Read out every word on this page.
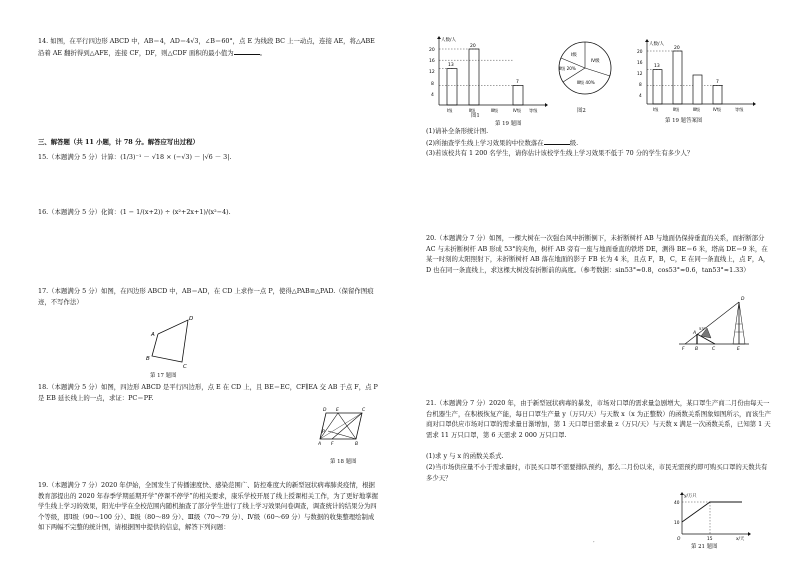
14. 如图，在平行四边形 ABCD 中，AB＝4，AD＝4√3，∠B＝60°，点 E 为线段 BC 上一动点，连接 AE，将△ABE 沿着 AE 翻折得到△AFE，连接 CF，DF，则△CDF 面积的最小值为	。
三、解答题（共 11 小题，计 78 分。解答应写出过程）
15.（本题满分 5 分）计算：(1/3)⁻¹ － √18 × (−√3) － |√6 － 3|.
16.（本题满分 5 分）化简：(1 − 1/(x+2)) ÷ (x²+2x+1)/(x²−4).
17.（本题满分 5 分）如图，在四边形 ABCD 中，AB＝AD，在 CD 上求作一点 P，使得△PAB≌△PAD.（保留作图痕迹，不写作法）
A
D
C
B
第 17 题图
18.（本题满分 5 分）如图，四边形 ABCD 是平行四边形，点 E 在 CD 上，且 BE＝EC，CF∥EA 交 AB 于点 F，点 P 是 EB 延长线上的一点，求证：PC＝PF.
D E	C
P
A F	B
第 18 题图
19.（本题满分 7 分）2020 年伊始，全国发生了传播速度快、感染范围广、防控难度大的新型冠状病毒肺炎疫情，根据教育部提出的 2020 年春季学期延期开学“停课不停学”的相关要求，康乐学校开展了线上授课相关工作，为了更好地掌握学生线上学习的效果，阳光中学在全校范围内随机抽查了部分学生进行了线上学习效果问卷调查，调查统计的结果分为四个等级，即Ⅰ级（90～100 分）、Ⅱ级（80～89 分）、Ⅲ级（70～79 分）、Ⅳ级（60～69 分）与数据的收集整理绘制成如下两幅不完整的统计图，请根据图中提供的信息，解答下列问题：
20
16
12
8
4
人数/人
13
20
7
Ⅰ级	Ⅱ级	Ⅲ级	Ⅳ级 等级
图1
Ⅰ级
Ⅱ级 20%
Ⅲ级 40%
Ⅳ级
图2
第 19 题图
人数/人
20
16
12
8
4
13
20
7
Ⅰ级	Ⅱ级	Ⅲ级	Ⅳ级	等级
第 19 题答案图
(1)请补全条形统计图.
(2)所抽查学生线上学习效果的中位数落在	级.
(3)若该校共有 1 200 名学生，请你估计该校学生线上学习效果不低于 70 分的学生有多少人？
20.（本题满分 7 分）如图，一棵大树在一次强台风中折断倒下，未折断树杆 AB 与地面仍保持垂直的关系，而折断部分 AC 与未折断树杆 AB 形成 53°的夹角，树杆 AB 旁有一座与地面垂直的铁塔 DE，测得 BE＝6 米，塔高 DE＝9 米，在某一时刻的太阳照射下，未折断树杆 AB 落在地面的影子 FB 长为 4 米，且点 F，B，C，E 在同一条直线上，点 F，A，D 也在同一条直线上，求这棵大树没有折断前的高度。（参考数据：sin53°≈0.8，cos53°≈0.6，tan53°≈1.33）
F B	C	E
A
D
53°
21.（本题满分 7 分）2020 年，由于新型冠状病毒的暴发，市场对口罩的需求量急剧增大，某口罩生产商二月份由每天一台机器生产，在积极恢复产能，每日口罩生产量 y（万只/天）与天数 x（x 为正整数）的函数关系图象如图所示，而该生产商对口罩供应市场对口罩的需求量日渐增加，第 1 天口罩日需求量 z（万只/天）与天数 x 满足一次函数关系，已知第 1 天需求 11 万只口罩，第 6 天需求 2 000 万只口罩.
(1)求 y 与 x 的函数关系式.
(2)当市场供应量不小于需求量时，市民买口罩不需要排队预约，那么二月份以来，市民无需预约即可购买口罩的天数共有多少天？
y/万只
40
10
O	15	x/天
第 21 题图
·
